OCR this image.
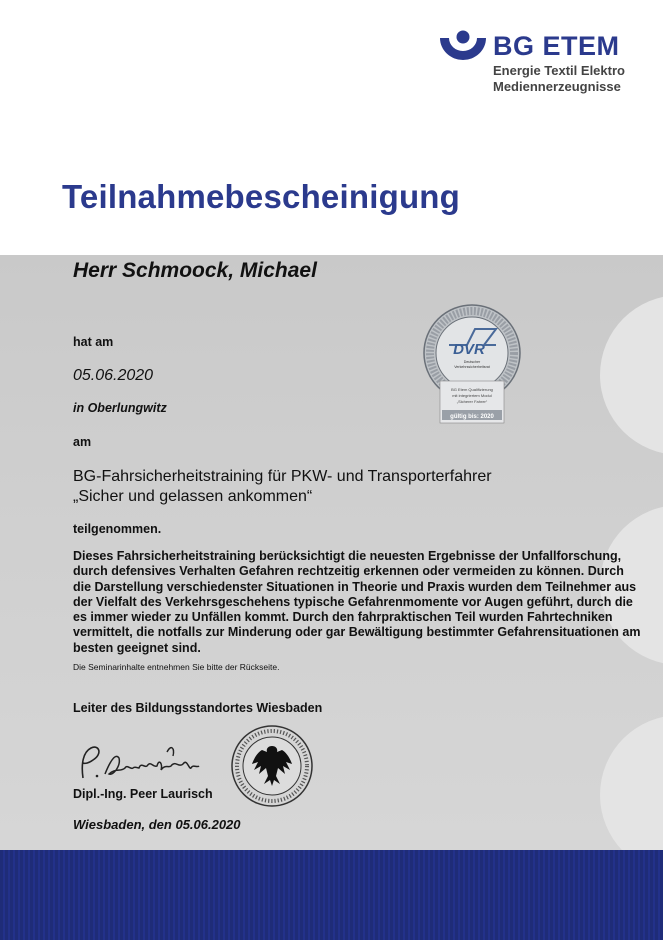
BG ETEM
Energie Textil Elektro
Mediennerzeugnisse
Teilnahmebescheinigung
Herr Schmoock, Michael
hat am
05.06.2020
in Oberlungwitz
am
BG-Fahrsicherheitstraining für PKW- und Transporterfahrer
„Sicher und gelassen ankommen“
teilgenommen.
Dieses Fahrsicherheitstraining berücksichtigt die neuesten Ergebnisse der Unfallforschung, durch defensives Verhalten Gefahren rechtzeitig erkennen oder vermeiden zu können. Durch die Darstellung verschiedenster Situationen in Theorie und Praxis wurden dem Teilnehmer aus der Vielfalt des Verkehrsgeschehens typische Gefahrenmomente vor Augen geführt, durch die es immer wieder zu Unfällen kommt. Durch den fahrpraktischen Teil wurden Fahrtechniken vermittelt, die notfalls zur Minderung oder gar Bewältigung bestimmter Gefahrensituationen am besten geeignet sind.
Die Seminarinhalte entnehmen Sie bitte der Rückseite.
Leiter des Bildungsstandortes Wiesbaden
Dipl.-Ing. Peer Laurisch
DVR
Deutscher
Verkehrssicherheitsrat
BG Etem Qualifizierung
mit integriertem Modul
„Sicherer Fahrer“
gültig bis: 2020
Wiesbaden, den 05.06.2020
